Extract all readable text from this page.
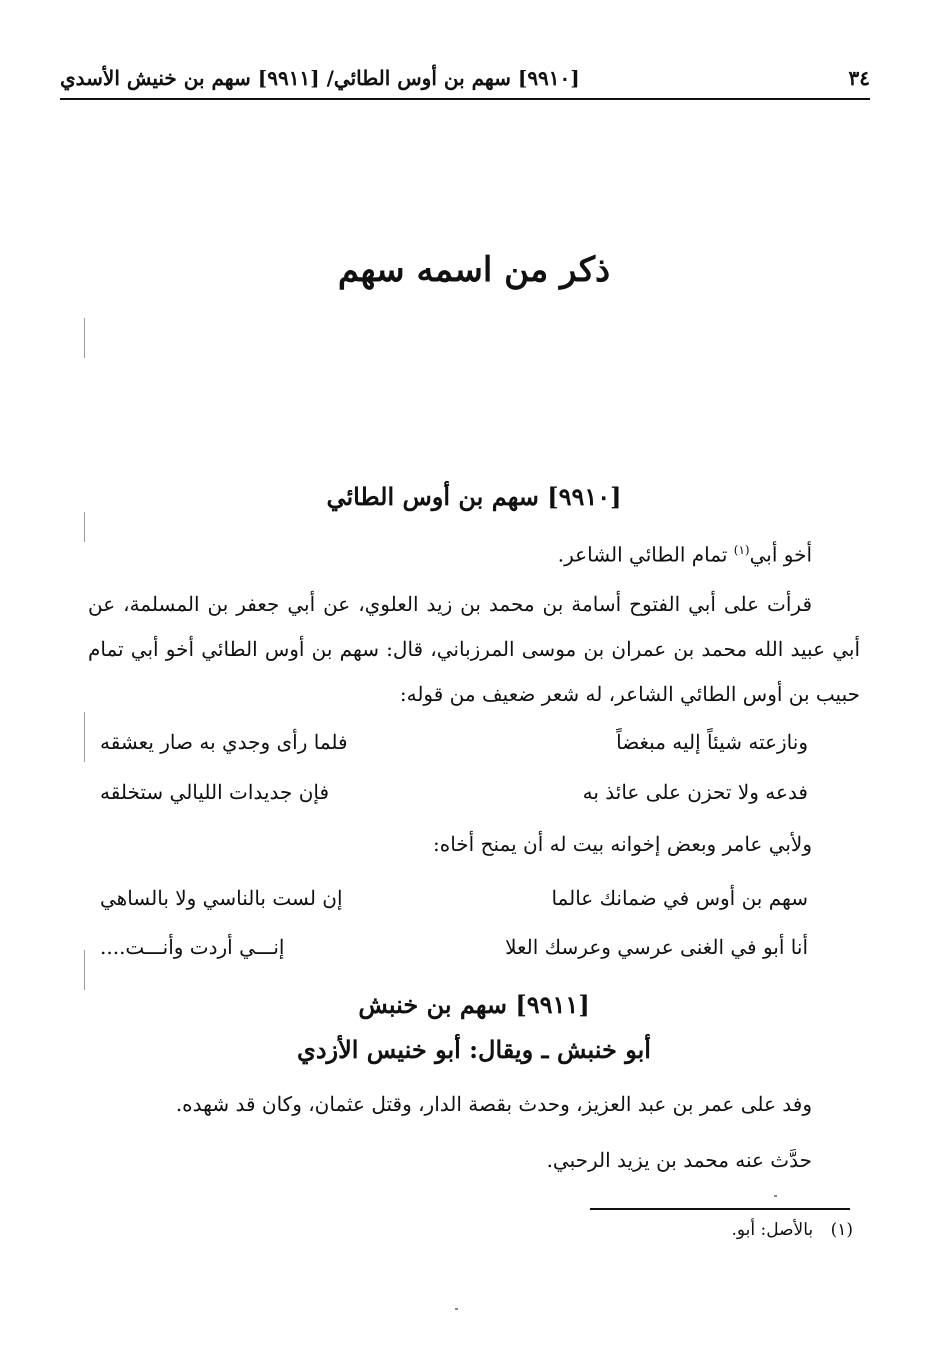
٣٤
[٩٩١٠] سهم بن أوس الطائي/ [٩٩١١] سهم بن خنيش الأسدي
ذكر من اسمه سهم
[٩٩١٠] سهم بن أوس الطائي
أخو أبي$^{(١)}$ تمام الطائي الشاعر.
قرأت على أبي الفتوح أسامة بن محمد بن زيد العلوي، عن أبي جعفر بن المسلمة، عن أبي عبيد الله محمد بن عمران بن موسى المرزباني، قال: سهم بن أوس الطائي أخو أبي تمام حبيب بن أوس الطائي الشاعر، له شعر ضعيف من قوله:
ونازعته شيئاً إليه مبغضاً
فلما رأى وجدي به صار يعشقه
فدعه ولا تحزن على عائذ به
فإن جديدات الليالي ستخلقه
ولأبي عامر وبعض إخوانه بيت له أن يمنح أخاه:
سهم بن أوس في ضمانك عالما
إن لست بالناسي ولا بالساهي
أنا أبو في الغنى عرسي وعرسك العلا
إنـــي أردت وأنـــت....
[٩٩١١] سهم بن خنبش
أبو خنبش ـ ويقال: أبو خنيس الأزدي
وفد على عمر بن عبد العزيز، وحدث بقصة الدار، وقتل عثمان، وكان قد شهده.
حدَّث عنه محمد بن يزيد الرحبي.
(١) بالأصل: أبو.
